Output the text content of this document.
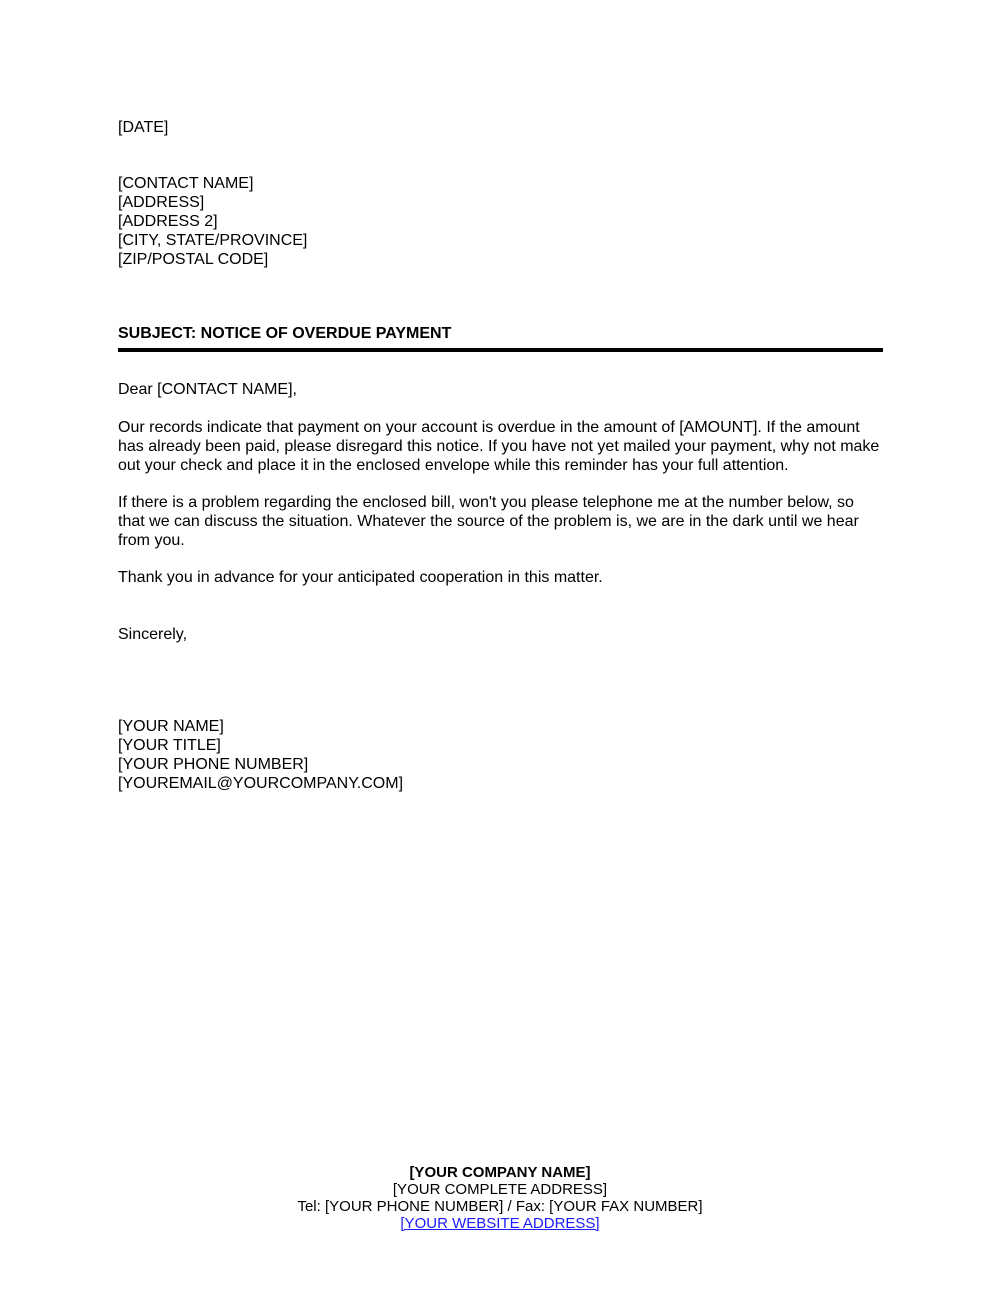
[DATE]
[CONTACT NAME]
[ADDRESS]
[ADDRESS 2]
[CITY, STATE/PROVINCE]
[ZIP/POSTAL CODE]
SUBJECT: NOTICE OF OVERDUE PAYMENT
Dear [CONTACT NAME],

Our records indicate that payment on your account is overdue in the amount of [AMOUNT]. If the amount has already been paid, please disregard this notice. If you have not yet mailed your payment, why not make out your check and place it in the enclosed envelope while this reminder has your full attention.

If there is a problem regarding the enclosed bill, won't you please telephone me at the number below, so that we can discuss the situation. Whatever the source of the problem is, we are in the dark until we hear from you.

Thank you in advance for your anticipated cooperation in this matter.

Sincerely,
[YOUR NAME]
[YOUR TITLE]
[YOUR PHONE NUMBER]
[YOUREMAIL@YOURCOMPANY.COM]
[YOUR COMPANY NAME]
[YOUR COMPLETE ADDRESS]
Tel: [YOUR PHONE NUMBER] / Fax: [YOUR FAX NUMBER]
[YOUR WEBSITE ADDRESS]
